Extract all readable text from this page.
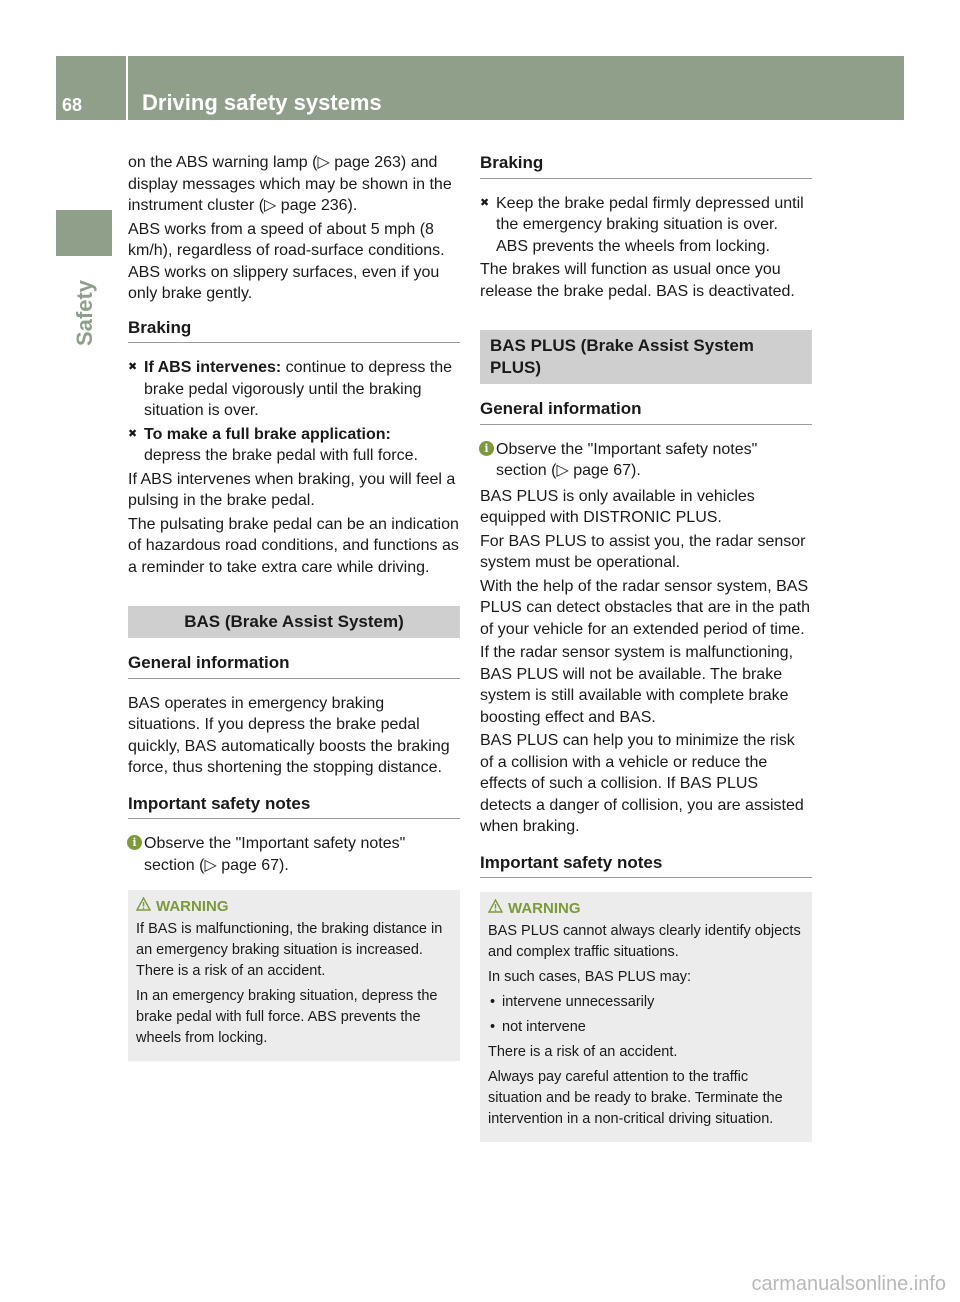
68	Driving safety systems
Safety

on the ABS warning lamp (▷ page 263) and display messages which may be shown in the instrument cluster (▷ page 236).

ABS works from a speed of about 5 mph (8 km/h), regardless of road-surface conditions. ABS works on slippery surfaces, even if you only brake gently.

Braking
✖ If ABS intervenes: continue to depress the brake pedal vigorously until the braking situation is over.
✖ To make a full brake application:
depress the brake pedal with full force.

If ABS intervenes when braking, you will feel a pulsing in the brake pedal.

The pulsating brake pedal can be an indication of hazardous road conditions, and functions as a reminder to take extra care while driving.

BAS (Brake Assist System)
General information

BAS operates in emergency braking situations. If you depress the brake pedal quickly, BAS automatically boosts the braking force, thus shortening the stopping distance.

Important safety notes
i Observe the "Important safety notes" section (▷ page 67).
WARNING

If BAS is malfunctioning, the braking distance in an emergency braking situation is increased. There is a risk of an accident.

In an emergency braking situation, depress the brake pedal with full force. ABS prevents the wheels from locking.

Braking
✖ Keep the brake pedal firmly depressed until the emergency braking situation is over. ABS prevents the wheels from locking.

The brakes will function as usual once you release the brake pedal. BAS is deactivated.

BAS PLUS (Brake Assist System PLUS)
General information
i Observe the "Important safety notes" section (▷ page 67).

BAS PLUS is only available in vehicles equipped with DISTRONIC PLUS.

For BAS PLUS to assist you, the radar sensor system must be operational.

With the help of the radar sensor system, BAS PLUS can detect obstacles that are in the path of your vehicle for an extended period of time.

If the radar sensor system is malfunctioning, BAS PLUS will not be available. The brake system is still available with complete brake boosting effect and BAS.

BAS PLUS can help you to minimize the risk of a collision with a vehicle or reduce the effects of such a collision. If BAS PLUS detects a danger of collision, you are assisted when braking.

Important safety notes
WARNING

BAS PLUS cannot always clearly identify objects and complex traffic situations.

In such cases, BAS PLUS may:

• intervene unnecessarily
• not intervene

There is a risk of an accident.

Always pay careful attention to the traffic situation and be ready to brake. Terminate the intervention in a non-critical driving situation.

carmanualsonline.info
